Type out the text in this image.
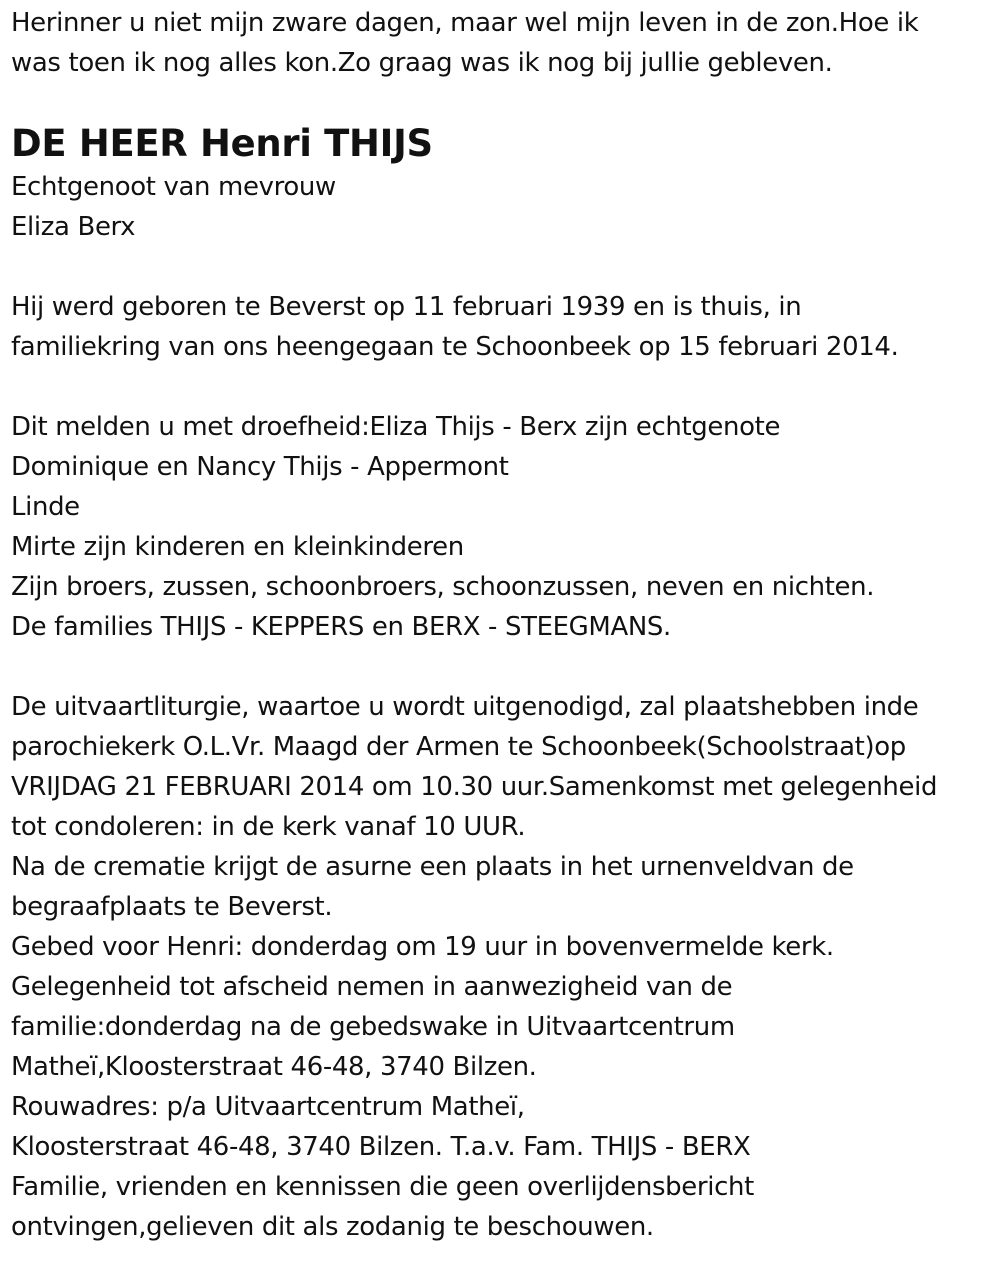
Herinner u niet mijn zware dagen, maar wel mijn leven in de zon.Hoe ik
was toen ik nog alles kon.Zo graag was ik nog bij jullie gebleven.
DE HEER Henri THIJS
Echtgenoot van mevrouw
Eliza Berx
Hij werd geboren te Beverst op 11 februari 1939 en is thuis, in
familiekring van ons heengegaan te Schoonbeek op 15 februari 2014.
Dit melden u met droefheid:Eliza Thijs - Berx zijn echtgenote
Dominique en Nancy Thijs - Appermont
Linde
Mirte zijn kinderen en kleinkinderen
Zijn broers, zussen, schoonbroers, schoonzussen, neven en nichten.
De families THIJS - KEPPERS en BERX - STEEGMANS.
De uitvaartliturgie, waartoe u wordt uitgenodigd, zal plaatshebben inde
parochiekerk O.L.Vr. Maagd der Armen te Schoonbeek(Schoolstraat)op
VRIJDAG 21 FEBRUARI 2014 om 10.30 uur.Samenkomst met gelegenheid
tot condoleren: in de kerk vanaf 10 UUR.
Na de crematie krijgt de asurne een plaats in het urnenveldvan de
begraafplaats te Beverst.
Gebed voor Henri: donderdag om 19 uur in bovenvermelde kerk.
Gelegenheid tot afscheid nemen in aanwezigheid van de
familie:donderdag na de gebedswake in Uitvaartcentrum
Matheï,Kloosterstraat 46-48, 3740 Bilzen.
Rouwadres: p/a Uitvaartcentrum Matheï,
Kloosterstraat 46-48, 3740 Bilzen. T.a.v. Fam. THIJS - BERX
Familie, vrienden en kennissen die geen overlijdensbericht
ontvingen,gelieven dit als zodanig te beschouwen.
